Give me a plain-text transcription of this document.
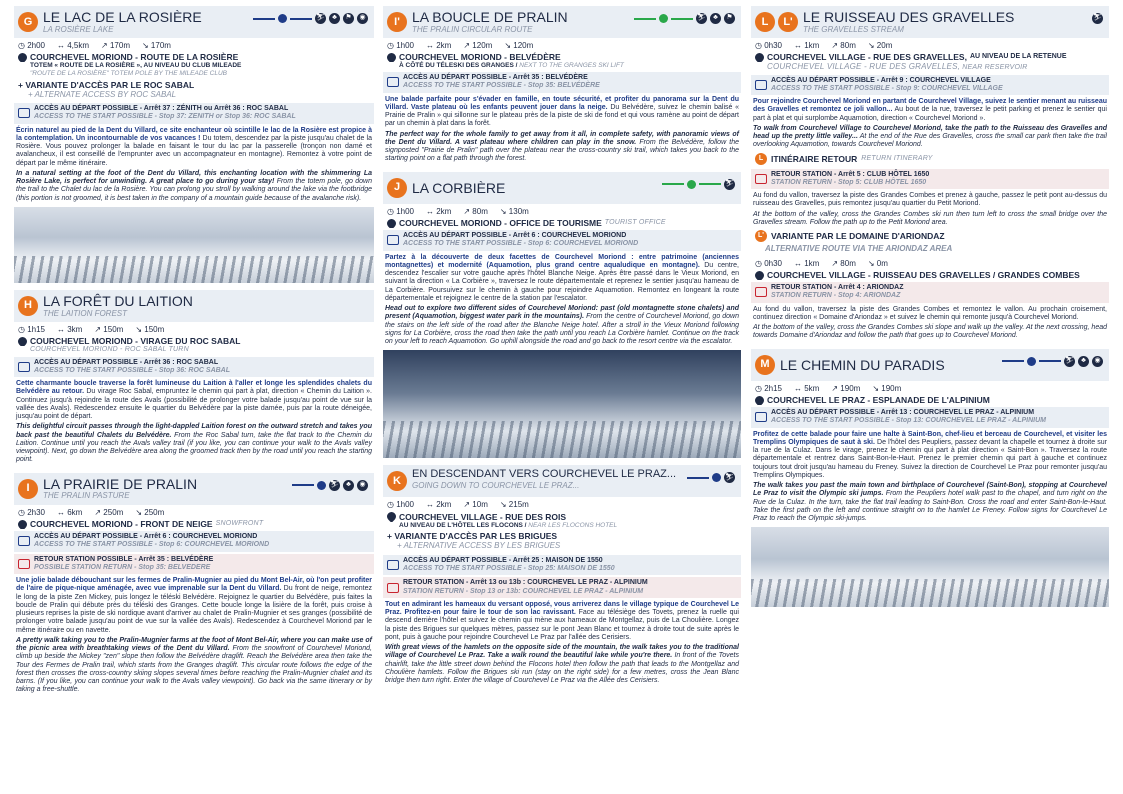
G LE LAC DE LA ROSIÈRE
LA ROSIÈRE LAKE
⛷	♣	⚑	◉
◷ 2h00 ↔ 4,5km ↗ 170m ↘ 170m
COURCHEVEL MORIOND - ROUTE DE LA ROSIÈRE
TOTEM « ROUTE DE LA ROSIÈRE », AU NIVEAU DU CLUB MILEADE
"ROUTE DE LA ROSIÈRE" TOTEM POLE BY THE MILEADE CLUB
+ VARIANTE D'ACCÈS PAR LE ROC SABAL
+ ALTERNATE ACCESS BY ROC SABAL
ACCÈS AU DÉPART POSSIBLE - Arrêt 37 : ZÉNITH ou Arrêt 36 : ROC SABAL
ACCESS TO THE START POSSIBLE - Stop 37: ZENITH or Stop 36: ROC SABAL
Écrin naturel au pied de la Dent du Villard, ce site enchanteur où scintille le lac de la Rosière est propice à la contemplation. Un incontournable de vos vacances ! Du totem, descendez par la piste jusqu'au chalet de la Rosière. Vous pouvez prolonger la balade en faisant le tour du lac par la passerelle (tronçon non damé et avalancheux, il est conseillé de l'emprunter avec un accompagnateur en montagne). Remontez à votre point de départ par le même itinéraire.
In a natural setting at the foot of the Dent du Villard, this enchanting location with the shimmering La Rosière Lake, is perfect for unwinding. A great place to go during your stay! From the totem pole, go down the trail to the Chalet du lac de la Rosière. You can prolong you stroll by walking around the lake via the footbridge (this portion is not groomed, it is best taken in the company of a mountain guide because of the avalanche risk).
H LA FORÊT DU LAITION
THE LAITION FOREST
◷ 1h15 ↔ 3km ↗ 150m ↘ 150m
COURCHEVEL MORIOND - VIRAGE DU ROC SABAL
COURCHEVEL MORIOND - ROC SABAL TURN
ACCÈS AU DÉPART POSSIBLE - Arrêt 36 : ROC SABAL
ACCESS TO THE START POSSIBLE - Stop 36: ROC SABAL
Cette charmante boucle traverse la forêt lumineuse du Laition à l'aller et longe les splendides chalets du Belvédère au retour. Du virage Roc Sabal, empruntez le chemin qui part à plat, direction « Chemin du Laition ». Continuez jusqu'à rejoindre la route des Avals (possibilité de prolonger votre balade jusqu'au point de vue sur la vallée des Avals). Redescendez ensuite le quartier du Belvédère par la piste damée, puis par la route déneigée, jusqu'au point de départ.
This delightful circuit passes through the light-dappled Laition forest on the outward stretch and takes you back past the beautiful Chalets du Belvédère. From the Roc Sabal turn, take the flat track to the Chemin du Laition. Continue until you reach the Avals valley trail (if you like, you can continue your walk to the Avals valley viewpoint). Next, go down the Belvédère area along the groomed track then by the road until you reach the starting point.
I LA PRAIRIE DE PRALIN
THE PRALIN PASTURE
⛷	♣	◉
◷ 2h30 ↔ 6km ↗ 250m ↘ 250m
COURCHEVEL MORIOND - FRONT DE NEIGE SNOWFRONT
ACCÈS AU DÉPART POSSIBLE - Arrêt 6 : COURCHEVEL MORIOND
ACCESS TO THE START POSSIBLE - Stop 6: COURCHEVEL MORIOND
RETOUR STATION POSSIBLE - Arrêt 35 : BELVÉDÈRE
POSSIBLE STATION RETURN - Stop 35: BELVEDERE
Une jolie balade débouchant sur les fermes de Pralin-Mugnier au pied du Mont Bel-Air, où l'on peut profiter de l'aire de pique-nique aménagée, avec vue imprenable sur la Dent du Villard. Du front de neige, remontez le long de la piste Zen Mickey, puis longez le téléski Belvédère. Rejoignez le quartier du Belvédère, puis faites la boucle de Pralin qui débute près du téléski des Granges. Cette boucle longe la lisière de la forêt, puis croise à plusieurs reprises la piste de ski nordique avant d'arriver au chalet de Pralin-Mugnier et ses granges (possibilité de prolonger votre balade jusqu'au point de vue sur la vallée des Avals). Redescendez à Courchevel Moriond par le même itinéraire ou en navette.
A pretty walk taking you to the Pralin-Mugnier farms at the foot of Mont Bel-Air, where you can make use of the picnic area with breathtaking views of the Dent du Villard. From the snowfront of Courchevel Moriond, climb up beside the Mickey "zen" slope then follow the Belvédère draglift. Reach the Belvédère area then take the Tour des Fermes de Pralin trail, which starts from the Granges draglift. This circular route follows the edge of the forest then crosses the cross-country skiing slopes several times before reaching the Pralin-Mugnier chalet and its barns. (If you like, you can continue your walk to the Avals valley viewpoint). Go back via the same itinerary or by taking a free-shuttle.
I' LA BOUCLE DE PRALIN
THE PRALIN CIRCULAR ROUTE
⛷	♣	⚑
◷ 1h00 ↔ 2km ↗ 120m ↘ 120m
COURCHEVEL MORIOND - BELVÉDÈRE
À CÔTÉ DU TÉLESKI DES GRANGES / NEXT TO THE GRANGES SKI LIFT
ACCÈS AU DÉPART POSSIBLE - Arrêt 35 : BELVÉDÈRE
ACCESS TO THE START POSSIBLE - Stop 35: BELVÉDÈRE
Une balade parfaite pour s'évader en famille, en toute sécurité, et profiter du panorama sur la Dent du Villard. Vaste plateau où les enfants peuvent jouer dans la neige. Du Belvédère, suivez le chemin balisé « Prairie de Pralin » qui sillonne sur le plateau près de la piste de ski de fond et qui vous ramène au point de départ par un chemin à plat dans la forêt.
The perfect way for the whole family to get away from it all, in complete safety, with panoramic views of the Dent du Villard. A vast plateau where children can play in the snow. From the Belvédère, follow the signposted "Prairie de Pralin" path over the plateau near the cross-country ski trail, which takes you back to the starting point on a flat path through the forest.
J LA CORBIÈRE	⛷
◷ 1h00 ↔ 2km ↗ 80m ↘ 130m
COURCHEVEL MORIOND - OFFICE DE TOURISME TOURIST OFFICE
ACCÈS AU DÉPART POSSIBLE - Arrêt 6 : COURCHEVEL MORIOND
ACCESS TO THE START POSSIBLE - Stop 6: COURCHEVEL MORIOND
Partez à la découverte de deux facettes de Courchevel Moriond : entre patrimoine (anciennes montagnettes) et modernité (Aquamotion, plus grand centre aqualudique en montagne). Du centre, descendez l'escalier sur votre gauche après l'hôtel Blanche Neige. Après être passé dans le Vieux Moriond, en suivant la direction « La Corbière », traversez le route départementale et reprenez le sentier jusqu'au hameau de La Corbière. Poursuivez sur le chemin à gauche pour rejoindre Aquamotion. Remontez en longeant la route départementale et rejoignez le centre de la station par l'escalator.
Head out to explore two different sides of Courchevel Moriond: past (old montagnette stone chalets) and present (Aquamotion, biggest water park in the mountains). From the centre of Courchevel Moriond, go down the stairs on the left side of the road after the Blanche Neige hotel. After a stroll in the Vieux Moriond following signs for La Corbière, cross the road then take the path until you reach La Corbière hamlet. Continue on the track on your left to reach Aquamotion. Go uphill alongside the road and go back to the resort centre via the escalator.
K
EN DESCENDANT VERS COURCHEVEL LE PRAZ...
GOING DOWN TO COURCHEVEL LE PRAZ...
⛷
◷ 1h00 ↔ 2km ↗ 10m ↘ 215m
COURCHEVEL VILLAGE - RUE DES ROIS
AU NIVEAU DE L'HÔTEL LES FLOCONS / NEAR LES FLOCONS HOTEL
+ VARIANTE D'ACCÈS PAR LES BRIGUES
+ ALTERNATIVE ACCESS BY LES BRIGUES
ACCÈS AU DÉPART POSSIBLE - Arrêt 25 : MAISON DE 1550
ACCESS TO THE START POSSIBLE - Stop 25: MAISON DE 1550
RETOUR STATION - Arrêt 13 ou 13b : COURCHEVEL LE PRAZ - ALPINIUM
STATION RETURN - Stop 13 or 13b: COURCHEVEL LE PRAZ - ALPINIUM
Tout en admirant les hameaux du versant opposé, vous arriverez dans le village typique de Courchevel Le Praz. Profitez-en pour faire le tour de son lac ravissant. Face au télésiège des Tovets, prenez la ruelle qui descend derrière l'hôtel et suivez le chemin qui mène aux hameaux de Montgellaz, puis de La Choulière. Longez la piste des Brigues sur quelques mètres, passez sur le pont Jean Blanc et tournez à droite tout de suite après le pont, puis à gauche pour rejoindre Courchevel Le Praz par l'allée des Cerisiers.
With great views of the hamlets on the opposite side of the mountain, the walk takes you to the traditional village of Courchevel Le Praz. Take a walk round the beautiful lake while you're there. In front of the Tovets chairlift, take the little street down behind the Flocons hotel then follow the path that leads to the Montgellaz and Choulière hamlets. Follow the Brigues ski run (stay on the right side) for a few metres, cross the Jean Blanc bridge then turn right. Enter the village of Courchevel Le Praz via the Allée des Cerisiers.
L	L' LE RUISSEAU DES GRAVELLES
THE GRAVELLES STREAM
⛷
◷ 0h30 ↔ 1km ↗ 80m ↘ 20m
COURCHEVEL VILLAGE - RUE DES GRAVELLES, AU NIVEAU DE LA RETENUE
COURCHEVEL VILLAGE - RUE DES GRAVELLES, NEAR RESERVOIR
ACCÈS AU DÉPART POSSIBLE - Arrêt 9 : COURCHEVEL VILLAGE
ACCESS TO THE START POSSIBLE - Stop 9: COURCHEVEL VILLAGE
Pour rejoindre Courchevel Moriond en partant de Courchevel Village, suivez le sentier menant au ruisseau des Gravelles et remontez ce joli vallon... Au bout de la rue, traversez le petit parking et prenez le sentier qui part à plat et qui surplombe Aquamotion, direction « Courchevel Moriond ».
To walk from Courchevel Village to Courchevel Moriond, take the path to the Ruisseau des Gravelles and head up the pretty little valley... At the end of the Rue des Gravelles, cross the small car park then take the trail overlooking Aquamotion, towards Courchevel Moriond.
L ITINÉRAIRE RETOUR RETURN ITINERARY
RETOUR STATION - Arrêt 5 : CLUB HÔTEL 1650
STATION RETURN - Stop 5: CLUB HÔTEL 1650
Au fond du vallon, traversez la piste des Grandes Combes et prenez à gauche, passez le petit pont au-dessus du ruisseau des Gravelles, puis remontez jusqu'au quartier du Petit Moriond.
At the bottom of the valley, cross the Grandes Combes ski run then turn left to cross the small bridge over the Gravelles stream. Follow the path up to the Petit Moriond area.
L' VARIANTE PAR LE DOMAINE D'ARIONDAZ
ALTERNATIVE ROUTE VIA THE ARIONDAZ AREA
◷ 0h30 ↔ 1km ↗ 80m ↘ 0m
COURCHEVEL VILLAGE - RUISSEAU DES GRAVELLES / GRANDES COMBES
RETOUR STATION - Arrêt 4 : ARIONDAZ
STATION RETURN - Stop 4: ARIONDAZ
Au fond du vallon, traversez la piste des Grandes Combes et remontez le vallon. Au prochain croisement, continuez direction « Domaine d'Ariondaz » et suivez le chemin qui remonte jusqu'à Courchevel Moriond.
At the bottom of the valley, cross the Grandes Combes ski slope and walk up the valley. At the next crossing, head towards Domaine d'Ariondaz and follow the path that goes up to Courchevel Moriond.
M LE CHEMIN DU PARADIS	⛷	♣	◉
◷ 2h15 ↔ 5km ↗ 190m ↘ 190m
COURCHEVEL LE PRAZ - ESPLANADE DE L'ALPINIUM
ACCÈS AU DÉPART POSSIBLE - Arrêt 13 : COURCHEVEL LE PRAZ - ALPINIUM
ACCESS TO THE START POSSIBLE - Stop 13: COURCHEVEL LE PRAZ - ALPINIUM
Profitez de cette balade pour faire une halte à Saint-Bon, chef-lieu et berceau de Courchevel, et visiter les Tremplins Olympiques de saut à ski. De l'hôtel des Peupliers, passez devant la chapelle et tournez à droite sur la rue de la Culaz. Dans le virage, prenez le chemin qui part à plat direction « Saint-Bon ». Traversez la route départementale et rentrez dans Saint-Bon-le-Haut. Prenez le premier chemin qui part à gauche et continuez toujours tout droit jusqu'au hameau du Freney. Suivez la direction de Courchevel Le Praz pour remonter jusqu'au Tremplins Olympiques.
The walk takes you past the main town and birthplace of Courchevel (Saint-Bon), stopping at Courchevel Le Praz to visit the Olympic ski jumps. From the Peupliers hotel walk past to the chapel, and turn right on the Rue de la Culaz. In the turn, take the flat trail leading to Saint-Bon. Cross the road and enter Saint-Bon-le-Haut. Take the first path on the left and continue straight on to the hamlet Le Freney. Follow signs for Courchevel Le Praz to reach the Olympic ski-jumps.
